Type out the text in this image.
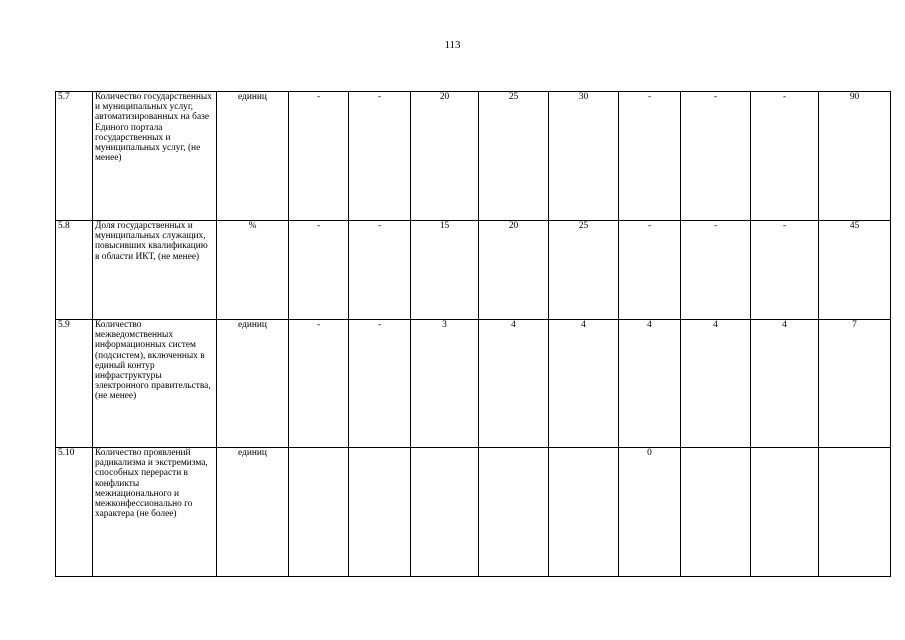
113
5.7	Количество государственных и муниципальных услуг, автоматизированных на базе Единого портала государственных и муниципальных услуг, (не менее)	единиц	-	-	20	25	30	-	-	-	90
5.8	Доля государственных и муниципальных служащих, повысивших квалификацию в области ИКТ, (не менее)	%	-	-	15	20	25	-	-	-	45
5.9	Количество межведомственных информационных систем (подсистем), включенных в единый контур инфраструктуры электронного правительства, (не менее)	единиц	-	-	3	4	4	4	4	4	7
5.10	Количество проявлений радикализма и экстремизма, способных перерасти в конфликты межнационального и межконфессионально го характера (не более)	единиц						0			
